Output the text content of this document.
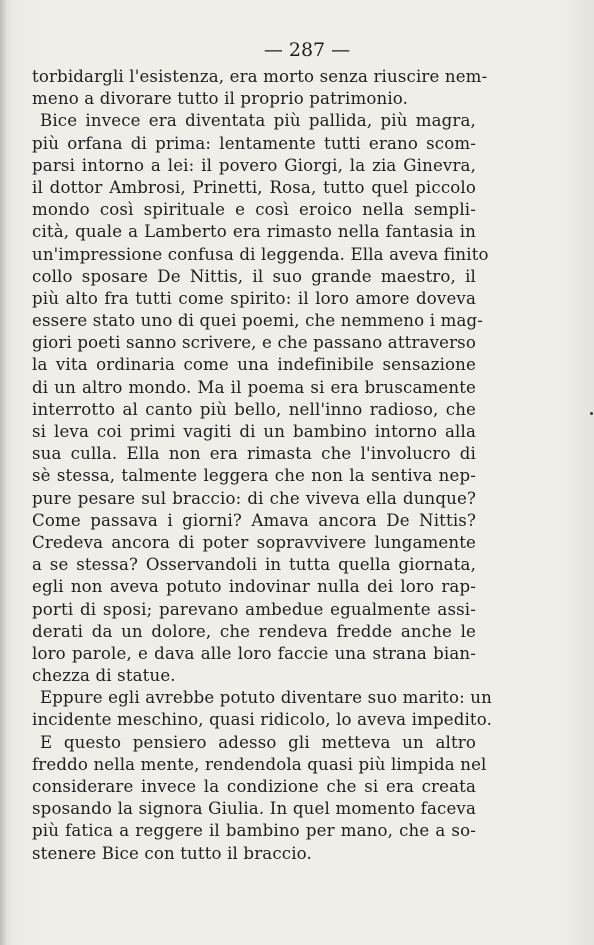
— 287 —
torbidargli l'esistenza, era morto senza riuscire nem-
meno a divorare tutto il proprio patrimonio.
Bice invece era diventata più pallida, più magra,
più orfana di prima: lentamente tutti erano scom-
parsi intorno a lei: il povero Giorgi, la zia Ginevra,
il dottor Ambrosi, Prinetti, Rosa, tutto quel piccolo
mondo così spirituale e così eroico nella sempli-
cità, quale a Lamberto era rimasto nella fantasia in
un'impressione confusa di leggenda. Ella aveva finito
collo sposare De Nittis, il suo grande maestro, il
più alto fra tutti come spirito: il loro amore doveva
essere stato uno di quei poemi, che nemmeno i mag-
giori poeti sanno scrivere, e che passano attraverso
la vita ordinaria come una indefinibile sensazione
di un altro mondo. Ma il poema si era bruscamente
interrotto al canto più bello, nell'inno radioso, che
si leva coi primi vagiti di un bambino intorno alla
sua culla. Ella non era rimasta che l'involucro di
sè stessa, talmente leggera che non la sentiva nep-
pure pesare sul braccio: di che viveva ella dunque?
Come passava i giorni? Amava ancora De Nittis?
Credeva ancora di poter sopravvivere lungamente
a se stessa? Osservandoli in tutta quella giornata,
egli non aveva potuto indovinar nulla dei loro rap-
porti di sposi; parevano ambedue egualmente assi-
derati da un dolore, che rendeva fredde anche le
loro parole, e dava alle loro faccie una strana bian-
chezza di statue.
Eppure egli avrebbe potuto diventare suo marito: un
incidente meschino, quasi ridicolo, lo aveva impedito.
E questo pensiero adesso gli metteva un altro
freddo nella mente, rendendola quasi più limpida nel
considerare invece la condizione che si era creata
sposando la signora Giulia. In quel momento faceva
più fatica a reggere il bambino per mano, che a so-
stenere Bice con tutto il braccio.
